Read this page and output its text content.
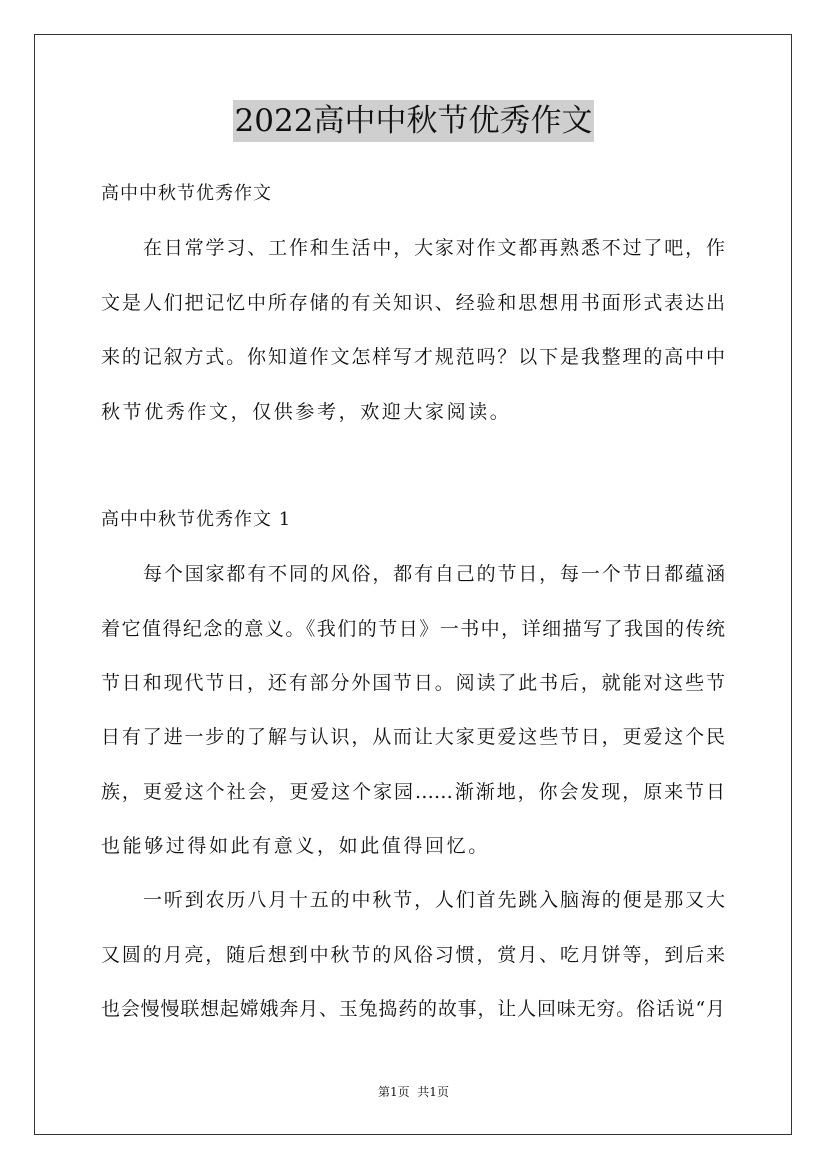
2022高中中秋节优秀作文
高中中秋节优秀作文
在日常学习、工作和生活中，大家对作文都再熟悉不过了吧，作
文是人们把记忆中所存储的有关知识、经验和思想用书面形式表达出
来的记叙方式。你知道作文怎样写才规范吗？以下是我整理的高中中
秋节优秀作文，仅供参考，欢迎大家阅读。
高中中秋节优秀作文 1
每个国家都有不同的风俗，都有自己的节日，每一个节日都蕴涵
着它值得纪念的意义。《我们的节日》一书中，详细描写了我国的传统
节日和现代节日，还有部分外国节日。阅读了此书后，就能对这些节
日有了进一步的了解与认识，从而让大家更爱这些节日，更爱这个民
族，更爱这个社会，更爱这个家园……渐渐地，你会发现，原来节日
也能够过得如此有意义，如此值得回忆。
一听到农历八月十五的中秋节，人们首先跳入脑海的便是那又大
又圆的月亮，随后想到中秋节的风俗习惯，赏月、吃月饼等，到后来
也会慢慢联想起嫦娥奔月、玉兔捣药的故事，让人回味无穷。俗话说“月
第1页  共1页
